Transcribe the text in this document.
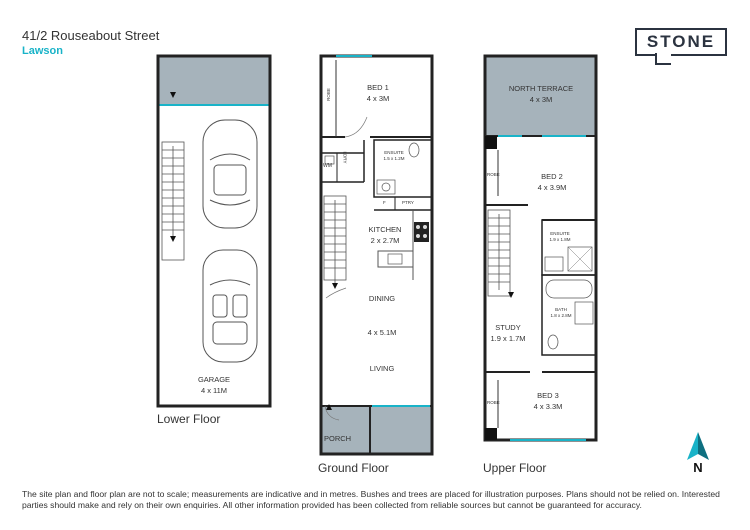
41/2 Rouseabout Street
Lawson	STONE
GARAGE
4 x 11M
BED 1
4 x 3M
ROBE
WM
LDRY	ENSUITE
1.5 x 1.2M
F	PTRY
KITCHEN
2 x 2.7M
DINING
4 x 5.1M
LIVING
PORCH
NORTH TERRACE
4 x 3M
ROBE	BED 2
4 x 3.9M
ENSUITE
1.9 x 1.8M
BATH
1.8 x 2.8M
STUDY
1.9 x 1.7M
ROBE
BED 3
4 x 3.3M
N
Lower Floor
Ground Floor	Upper Floor
The site plan and floor plan are not to scale; measurements are indicative and in metres. Bushes and trees are placed for illustration purposes. Plans should not be relied on. Interested parties should make and rely on their own enquiries. All other information provided has been collected from reliable sources but cannot be guaranteed for accuracy.
